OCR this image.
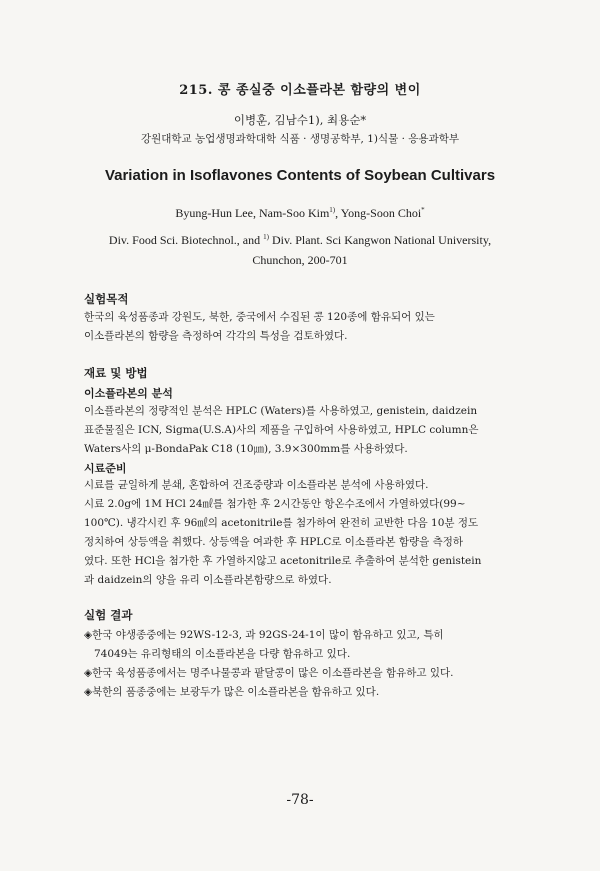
215. 콩 종실중 이소플라본 함량의 변이
이병훈, 김남수1), 최용순*
강원대학교 농업생명과학대학 식품 · 생명공학부, 1)식물 · 응용과학부
Variation in Isoflavones Contents of Soybean Cultivars
Byung-Hun Lee, Nam-Soo Kim$^{1)}$, Yong-Soon Choi*
Div. Food Sci. Biotechnol., and $^{1)}$ Div. Plant. Sci Kangwon National University,
Chunchon, 200-701
실험목적

한국의 육성품종과 강원도, 북한, 중국에서 수집된 콩 120종에 함유되어 있는

이소플라본의 함량을 측정하여 각각의 특성을 검토하였다.

재료 및 방법
이소플라본의 분석

이소플라본의 정량적인 분석은 HPLC (Waters)를 사용하였고, genistein, daidzein

표준물질은 ICN, Sigma(U.S.A)사의 제품을 구입하여 사용하였고, HPLC column은

Waters사의 μ-BondaPak C18 (10㎛), 3.9×300mm를 사용하였다.

시료준비

시료를 균일하게 분쇄, 혼합하여 건조중량과 이소플라본 분석에 사용하였다.

시료 2.0g에 1M HCl 24㎖를 첨가한 후 2시간동안 항온수조에서 가열하였다(99~

100℃). 냉각시킨 후 96㎖의 acetonitrile를 첨가하여 완전히 교반한 다음 10분 정도

정치하여 상등액을 취했다. 상등액을 여과한 후 HPLC로 이소플라본 함량을 측정하

였다. 또한 HCl을 첨가한 후 가열하지않고 acetonitrile로 추출하여 분석한 genistein

과 daidzein의 양을 유리 이소플라본함량으로 하였다.

실험 결과

◈한국 야생종중에는 92WS-12-3, 과 92GS-24-1이 많이 함유하고 있고, 특히

74049는 유리형태의 이소플라본을 다량 함유하고 있다.

◈한국 육성품종에서는 명주나물콩과 팥달콩이 많은 이소플라본을 함유하고 있다.

◈북한의 품종중에는 보광두가 많은 이소플라본을 함유하고 있다.

-78-
